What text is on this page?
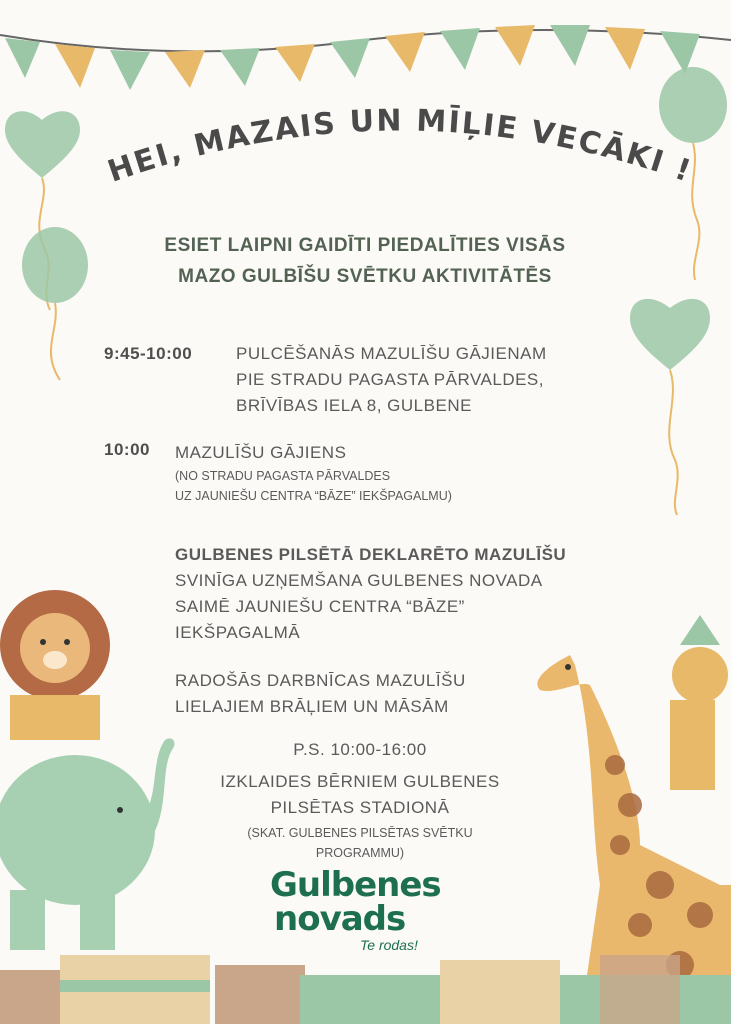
HEI, MAZAIS UN MĪĻIE VECĀKI !
ESIET LAIPNI GAIDĪTI PIEDALĪTIES VISĀS
MAZO GULBĪŠU SVĒTKU AKTIVITĀTĒS
9:45-10:00	PULCĒŠANĀS MAZULĪŠU GĀJIENAM
PIE STRADU PAGASTA PĀRVALDES,
BRĪVĪBAS IELA 8, GULBENE
10:00 MAZULĪŠU GĀJIENS
(NO STRADU PAGASTA PĀRVALDES
UZ JAUNIEŠU CENTRA “BĀZE” IEKŠPAGALMU)
GULBENES PILSĒTĀ DEKLARĒTO MAZULĪŠU
SVINĪGA UZŅEMŠANA GULBENES NOVADA
SAIMĒ JAUNIEŠU CENTRA “BĀZE”
IEKŠPAGALMĀ
RADOŠĀS DARBNĪCAS MAZULĪŠU
LIELAJIEM BRĀĻIEM UN MĀSĀM
P.S. 10:00-16:00
IZKLAIDES BĒRNIEM GULBENES
PILSĒTAS STADIONĀ
(SKAT. GULBENES PILSĒTAS SVĒTKU
PROGRAMMU)
Gulbenes
novads
Te rodas!
